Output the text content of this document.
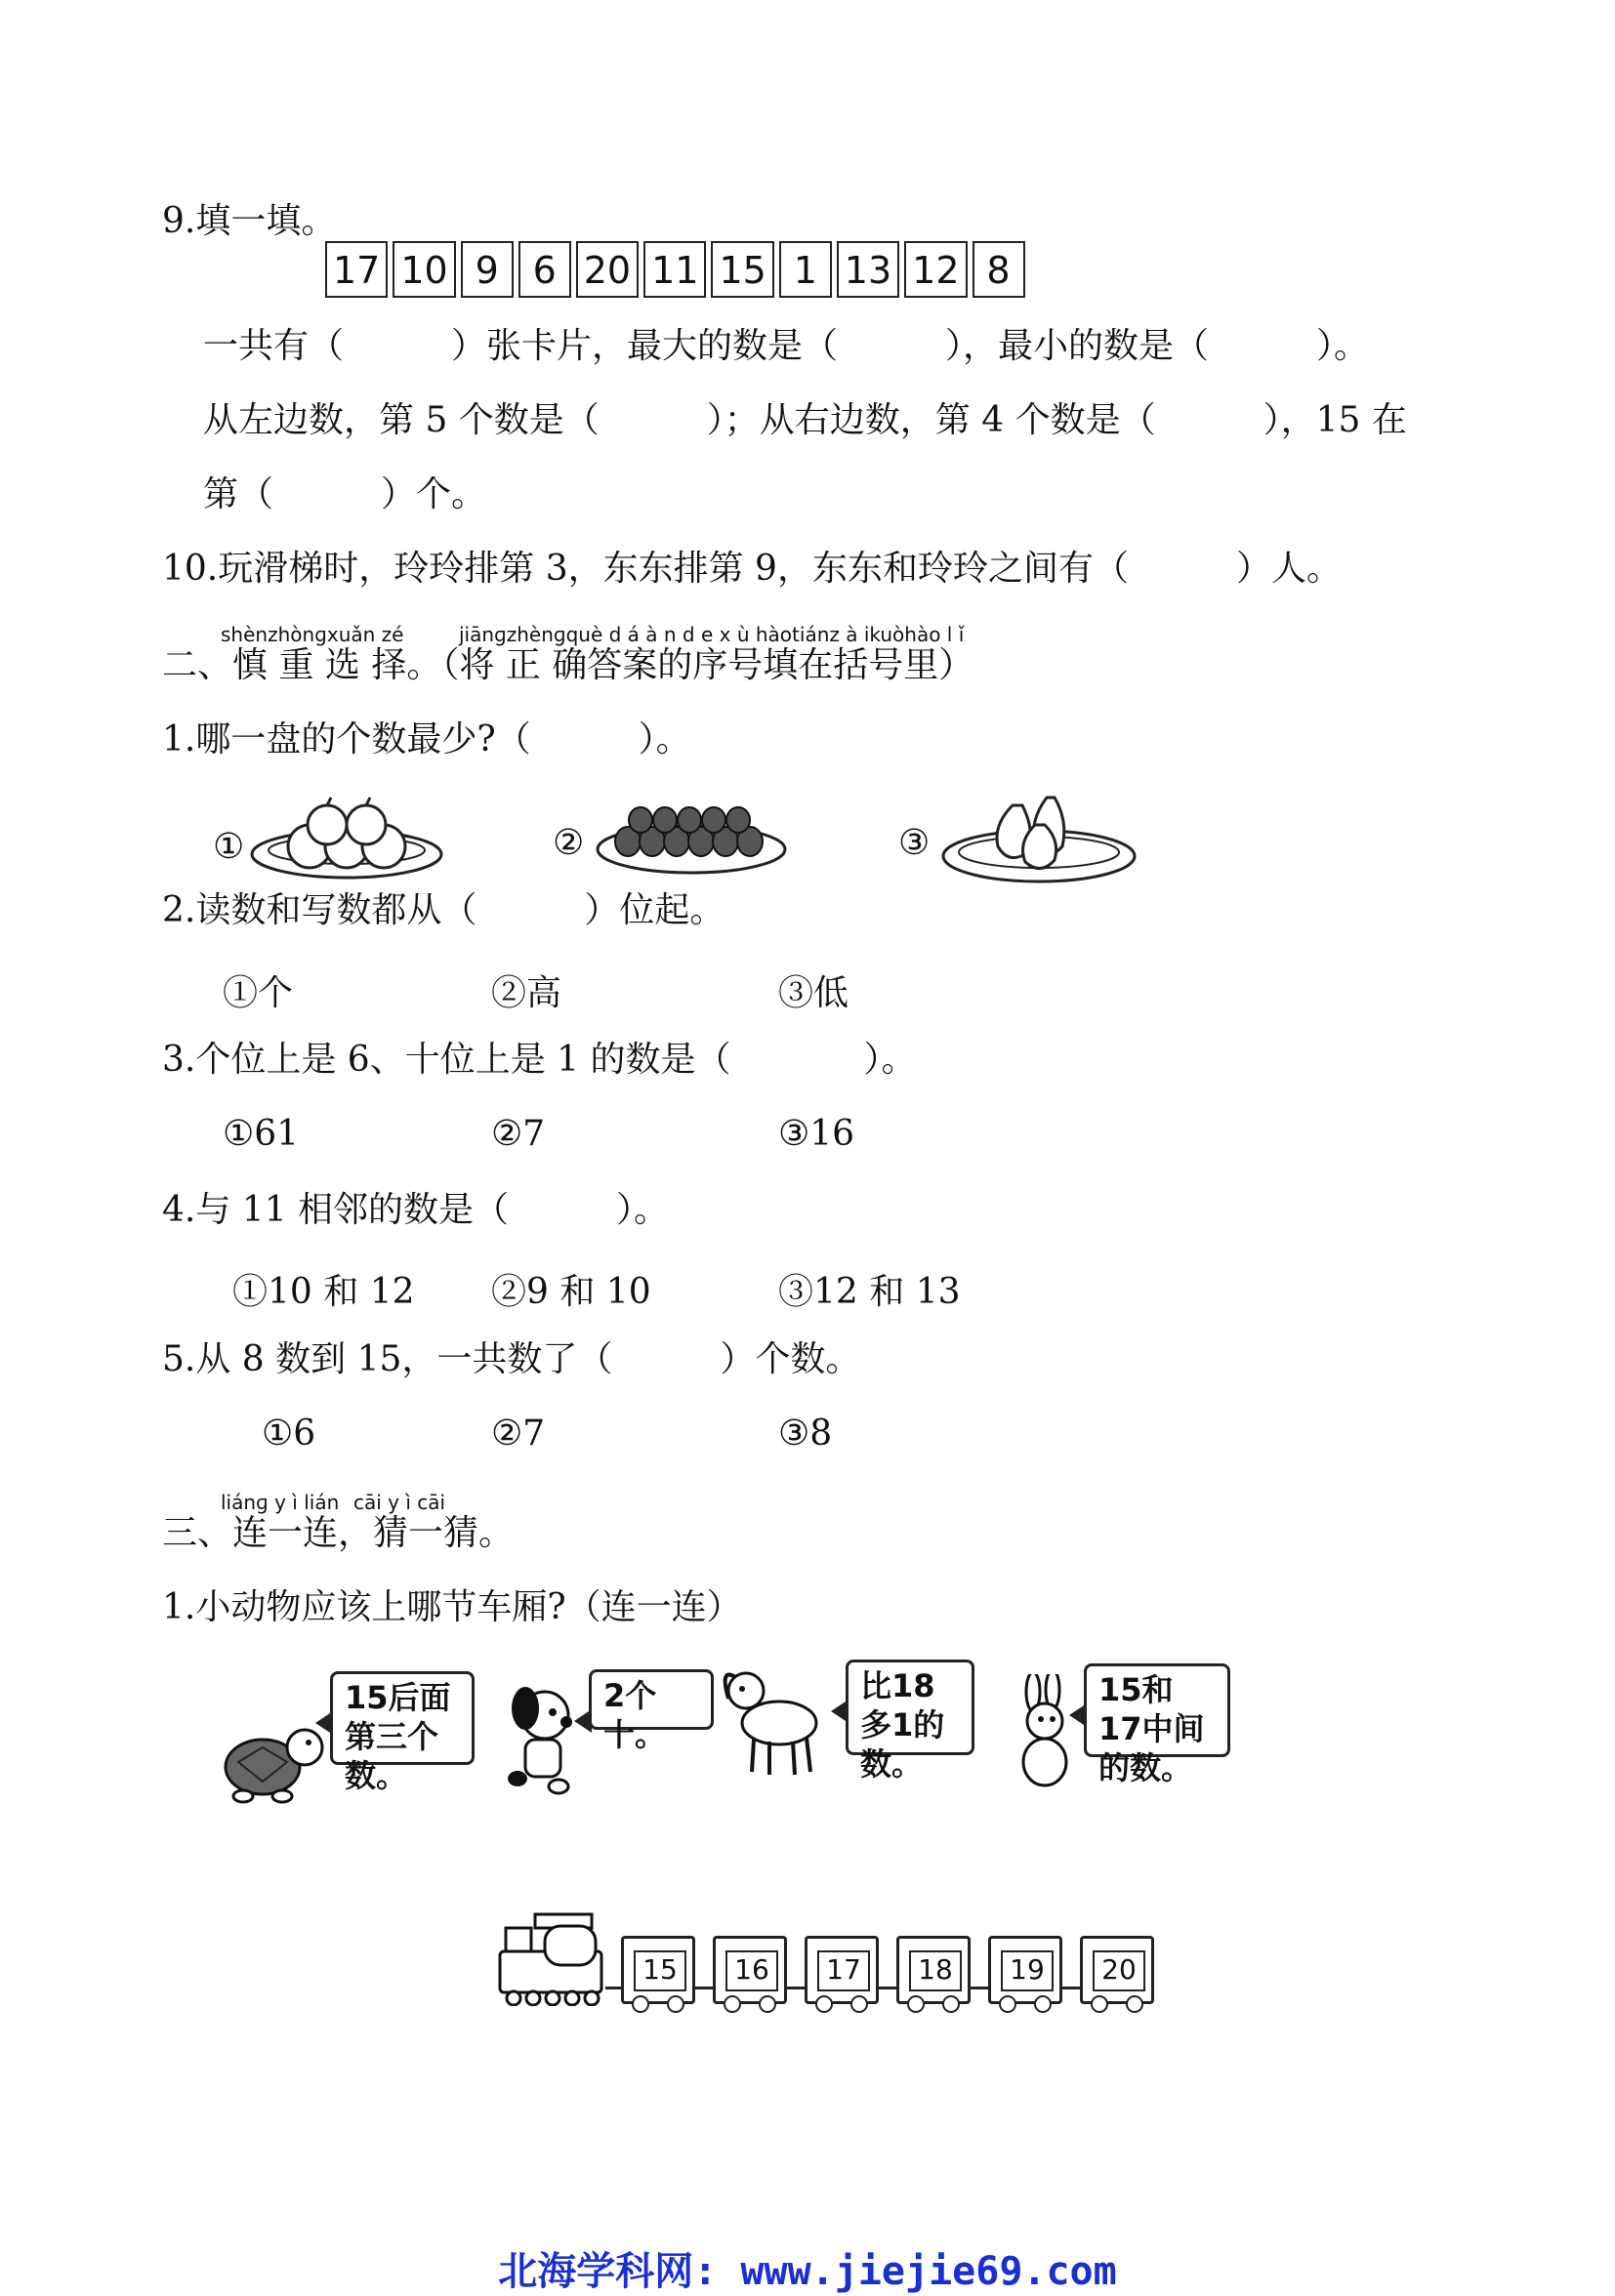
9.填一填。
17 10 9 6 20 11 15 1 13 12 8
一共有（	）张卡片，最大的数是（	），最小的数是（	）。
从左边数，第 5 个数是（	）；从右边数，第 4 个数是（	），15 在
第（	）个。
10.玩滑梯时，玲玲排第 3，东东排第 9，东东和玲玲之间有（	）人。
shènzhònɡxuǎn zé	jiānɡzhènɡquè d á à n d e x ù hàotiánz à ikuòhào l ǐ
二、慎 重 选 择。（将 正 确答案的序号填在括号里）
1.哪一盘的个数最少?（	）。
①	②	③
2.读数和写数都从（	）位起。
①个	②高	③低
3.个位上是 6、十位上是 1 的数是（	）。
①61	②7	③16
4.与 11 相邻的数是（	）。
①10 和 12 ②9 和 10	③12 和 13
5.从 8 数到 15，一共数了（	）个数。
①6	②7	③8
liánɡ y ì lián cāi y ì cāi
三、连一连，猜一猜。
1.小动物应该上哪节车厢?（连一连）
15后面第三个数。
2个十。
比18多1的数。
15和17中间的数。
15	16	17	18	19	20
北海学科网: www.jiejie69.com
